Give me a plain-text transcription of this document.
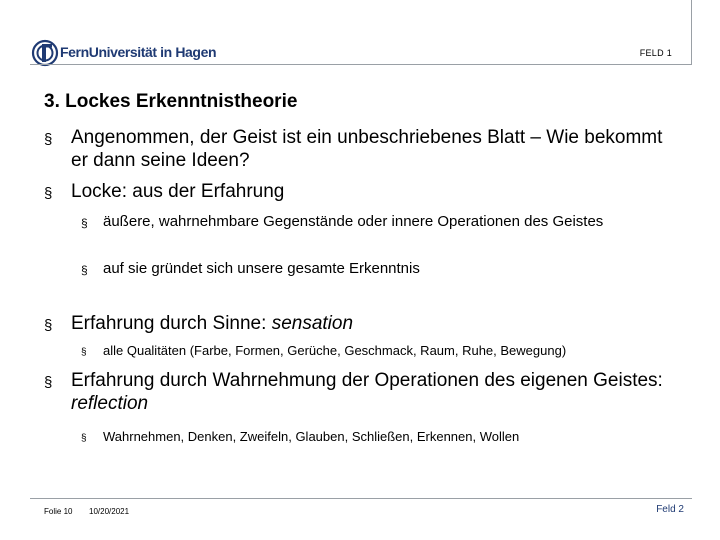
FernUniversität in Hagen	FELD 1
3. Lockes Erkenntnistheorie
§ Angenommen, der Geist ist ein unbeschriebenes Blatt – Wie bekommt er dann seine Ideen?
§ Locke: aus der Erfahrung
§ äußere, wahrnehmbare Gegenstände oder innere Operationen des Geistes
§ auf sie gründet sich unsere gesamte Erkenntnis
§ Erfahrung durch Sinne: sensation
§ alle Qualitäten (Farbe, Formen, Gerüche, Geschmack, Raum, Ruhe, Bewegung)
§ Erfahrung durch Wahrnehmung der Operationen des eigenen Geistes: reflection
§ Wahrnehmen, Denken, Zweifeln, Glauben, Schließen, Erkennen, Wollen
Folie 10 10/20/2021	Feld 2
